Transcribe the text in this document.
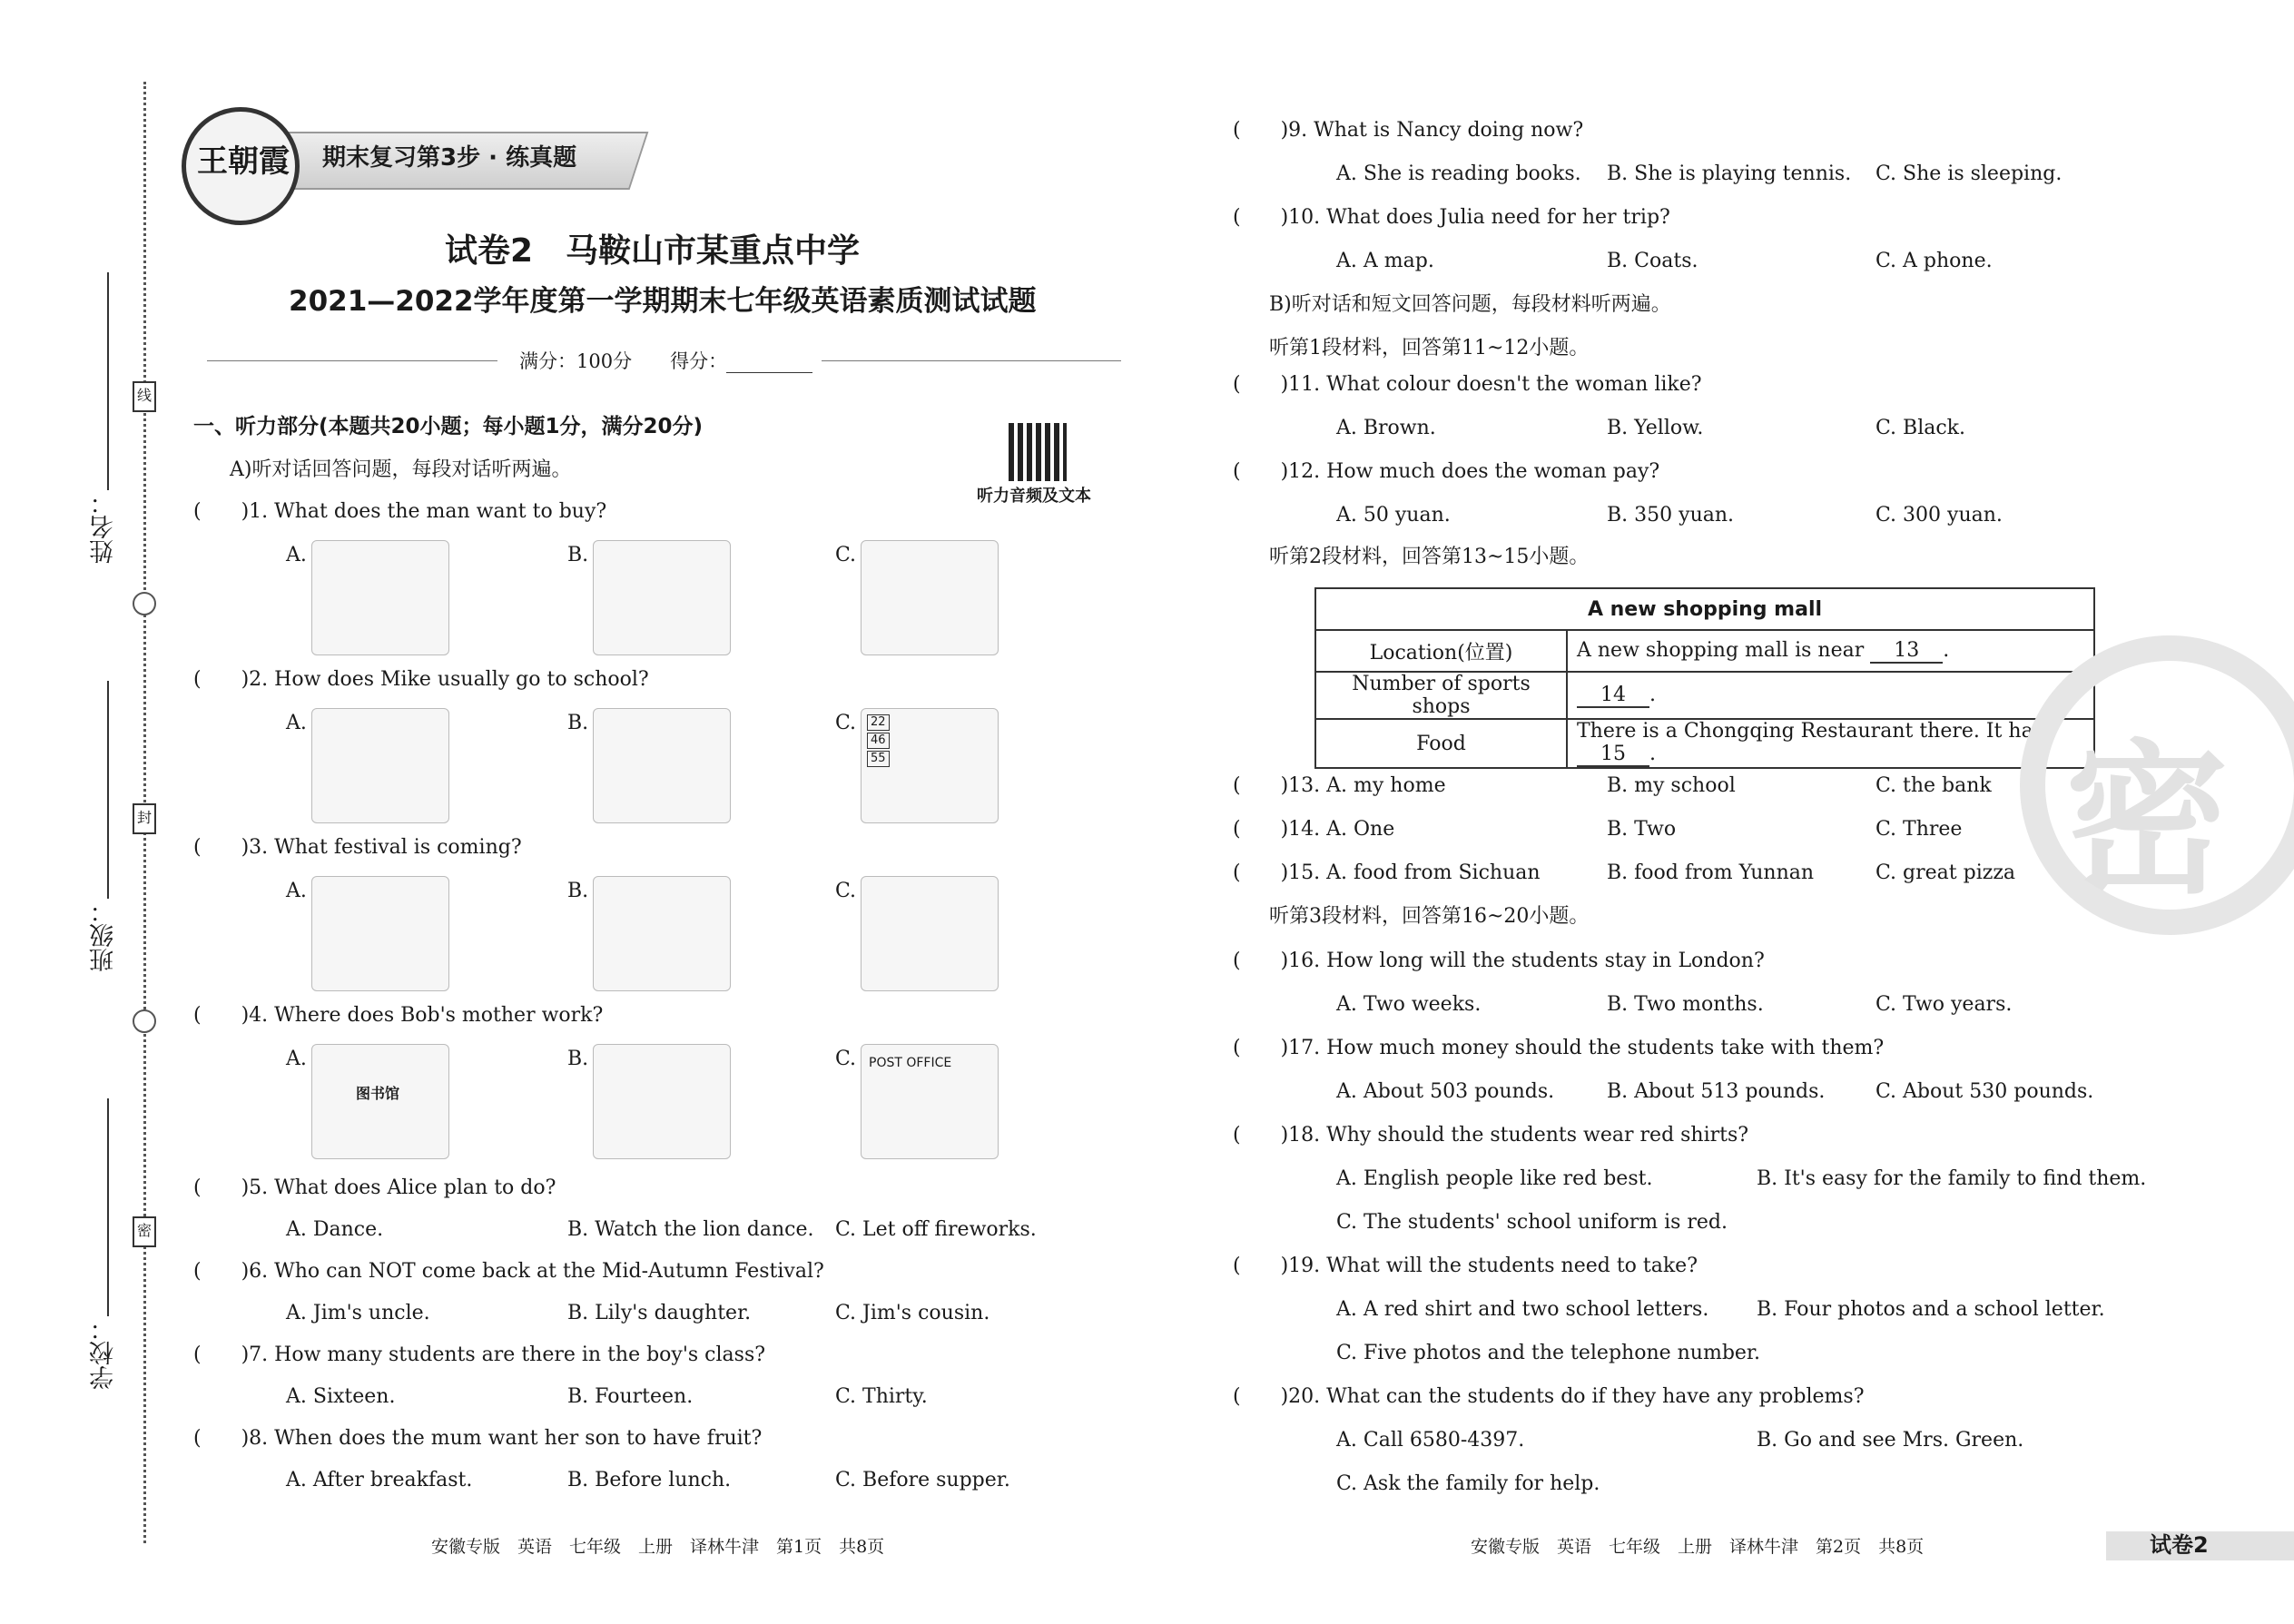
姓名：
班级：
学校：
线
封
密
期末复习第3步 · 练真题
王朝霞
试卷2　马鞍山市某重点中学
2021—2022学年度第一学期期末七年级英语素质测试试题
满分：100分　　得分：
一、听力部分(本题共20小题；每小题1分，满分20分)
A)听对话回答问题，每段对话听两遍。
听力音频及文本
(　　)1. What does the man want to buy?
A.	B.	C.
(　　)2. How does Mike usually go to school?
A.	B.	C.	22
46
55
(　　)3. What festival is coming?
A.	B.	C.
(　　)4. Where does Bob's mother work?
A.
图书馆
B.	C. POST OFFICE
(　　)5. What does Alice plan to do?
A. Dance.	B. Watch the lion dance. C. Let off fireworks.
(　　)6. Who can NOT come back at the Mid-Autumn Festival?
A. Jim's uncle.	B. Lily's daughter.	C. Jim's cousin.
(　　)7. How many students are there in the boy's class?
A. Sixteen.	B. Fourteen.	C. Thirty.
(　　)8. When does the mum want her son to have fruit?
A. After breakfast.	B. Before lunch.	C. Before supper.
(　　)9. What is Nancy doing now?
A. She is reading books. B. She is playing tennis. C. She is sleeping.
(　　)10. What does Julia need for her trip?
A. A map.	B. Coats.	C. A phone.
B)听对话和短文回答问题，每段材料听两遍。
听第1段材料，回答第11~12小题。
(　　)11. What colour doesn't the woman like?
A. Brown.	B. Yellow.	C. Black.
(　　)12. How much does the woman pay?
A. 50 yuan.	B. 350 yuan.	C. 300 yuan.
听第2段材料，回答第13~15小题。
A new shopping mall	
Location(位置)	A new shopping mall is near 13 .
Number of sports shops	14 .
Food	There is a Chongqing Restaurant there. It has 15 .
(　　)13. A. my home	B. my school	C. the bank
(　　)14. A. One	B. Two	C. Three
(　　)15. A. food from Sichuan	B. food from Yunnan	C. great pizza
听第3段材料，回答第16~20小题。
(　　)16. How long will the students stay in London?
A. Two weeks.	B. Two months.	C. Two years.
(　　)17. How much money should the students take with them?
A. About 503 pounds.	B. About 513 pounds.	C. About 530 pounds.
(　　)18. Why should the students wear red shirts?
A. English people like red best.	B. It's easy for the family to find them.
C. The students' school uniform is red.
(　　)19. What will the students need to take?
A. A red shirt and two school letters. B. Four photos and a school letter.
C. Five photos and the telephone number.
(　　)20. What can the students do if they have any problems?
A. Call 6580-4397.	B. Go and see Mrs. Green.
C. Ask the family for help.
密
安徽专版　英语　七年级　上册　译林牛津　第1页　共8页	安徽专版　英语　七年级　上册　译林牛津　第2页　共8页	试卷2
